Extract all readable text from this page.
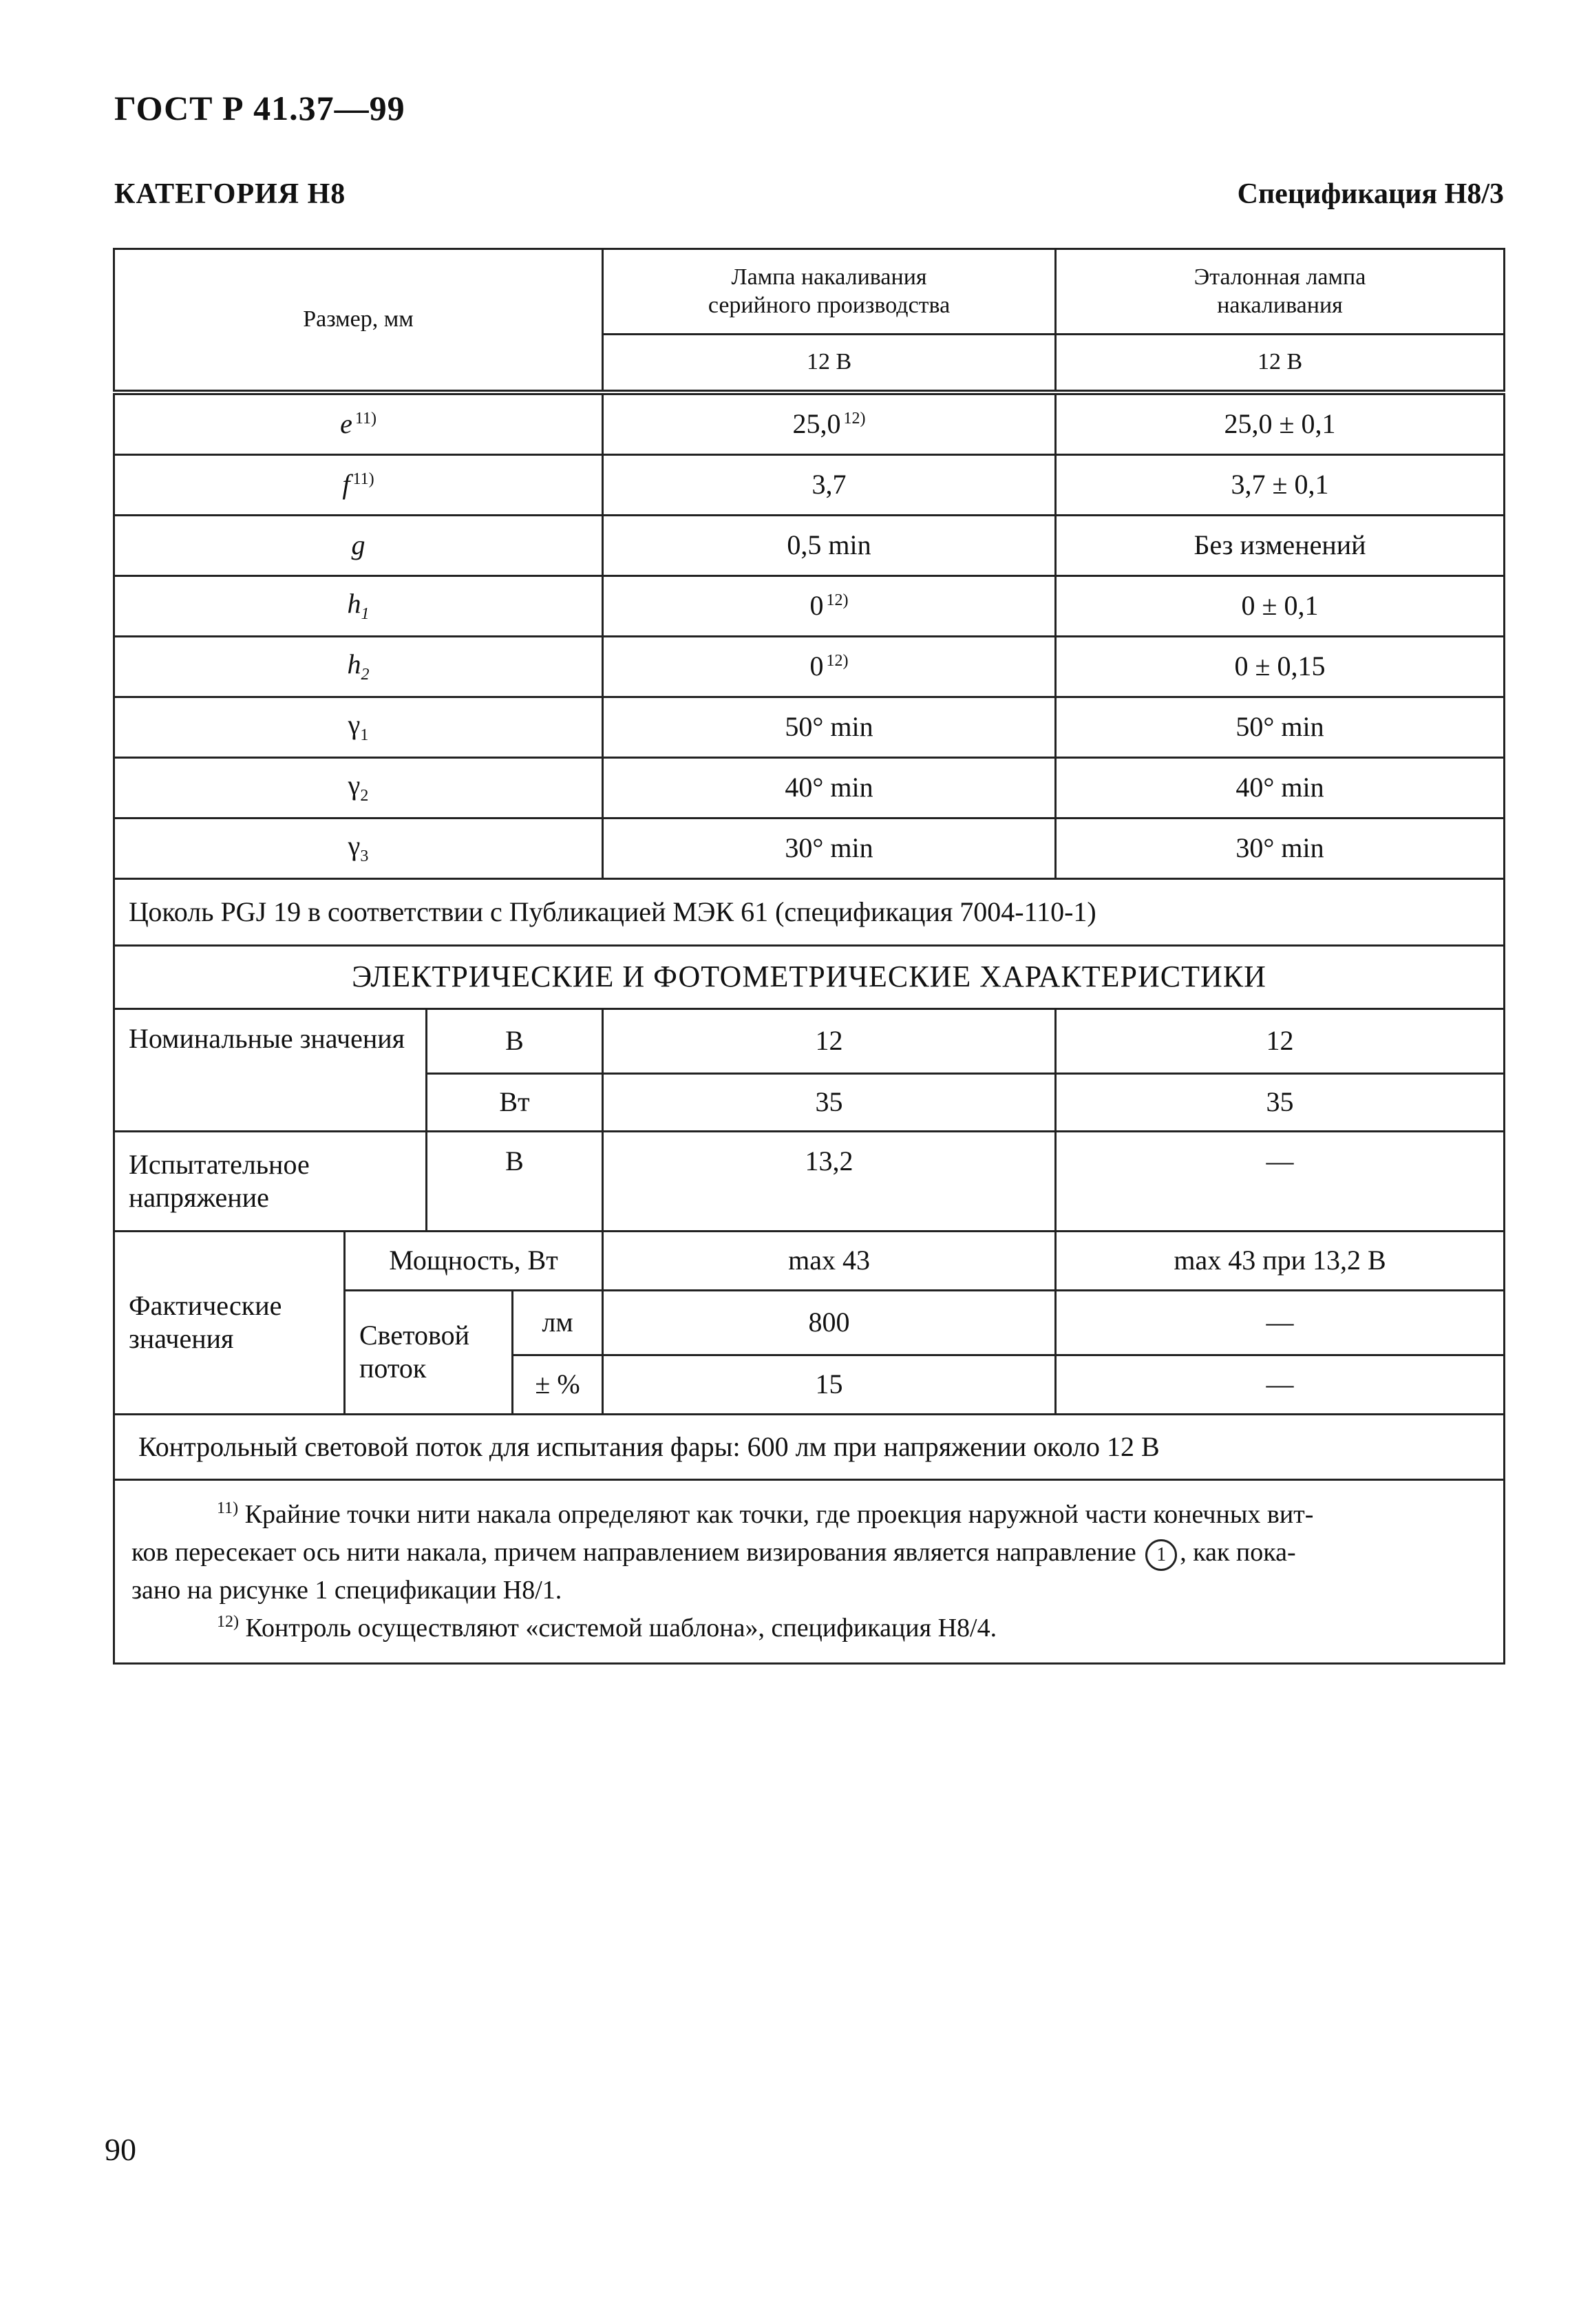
ГОСТ Р 41.37—99
КАТЕГОРИЯ Н8	Спецификация Н8/3
Размер, мм				Лампа накаливания серийного производства	Эталонная лампа накаливания
				12 В	12 В
e $^{11)}$				25,0 $^{12)}$	25,0 ± 0,1
f $^{11)}$				3,7	3,7 ± 0,1
g				0,5 min	Без изменений
$h_1$				0 $^{12)}$	0 ± 0,1
$h_2$				0 $^{12)}$	0 ± 0,15
$\gamma_1$				50° min	50° min
$\gamma_2$				40° min	40° min
$\gamma_3$				30° min	30° min
Цоколь PGJ 19 в соответствии с Публикацией МЭК 61 (спецификация 7004-110-1)					
ЭЛЕКТРИЧЕСКИЕ И ФОТОМЕТРИЧЕСКИЕ ХАРАКТЕРИСТИКИ					
Номинальные значения		В		12	12
		Вт		35	35
Испытательное напряжение		В		13,2	—
Фактические значения	Мощность, Вт			max 43	max 43 при 13,2 В
	Световой поток		лм	800	—
			± %	15	—
Контрольный световой поток для испытания фары: 600 лм при напряжении около 12 В					

$^{11)}$ Крайние точки нити накала определяют как точки, где проекция наружной части конечных вит-
ков пересекает ось нити накала, причем направлением визирования является направление 1 , как пока-
зано на рисунке 1 спецификации Н8/1.
$^{12)}$ Контроль осуществляют «системой шаблона», спецификация Н8/4.					
90
